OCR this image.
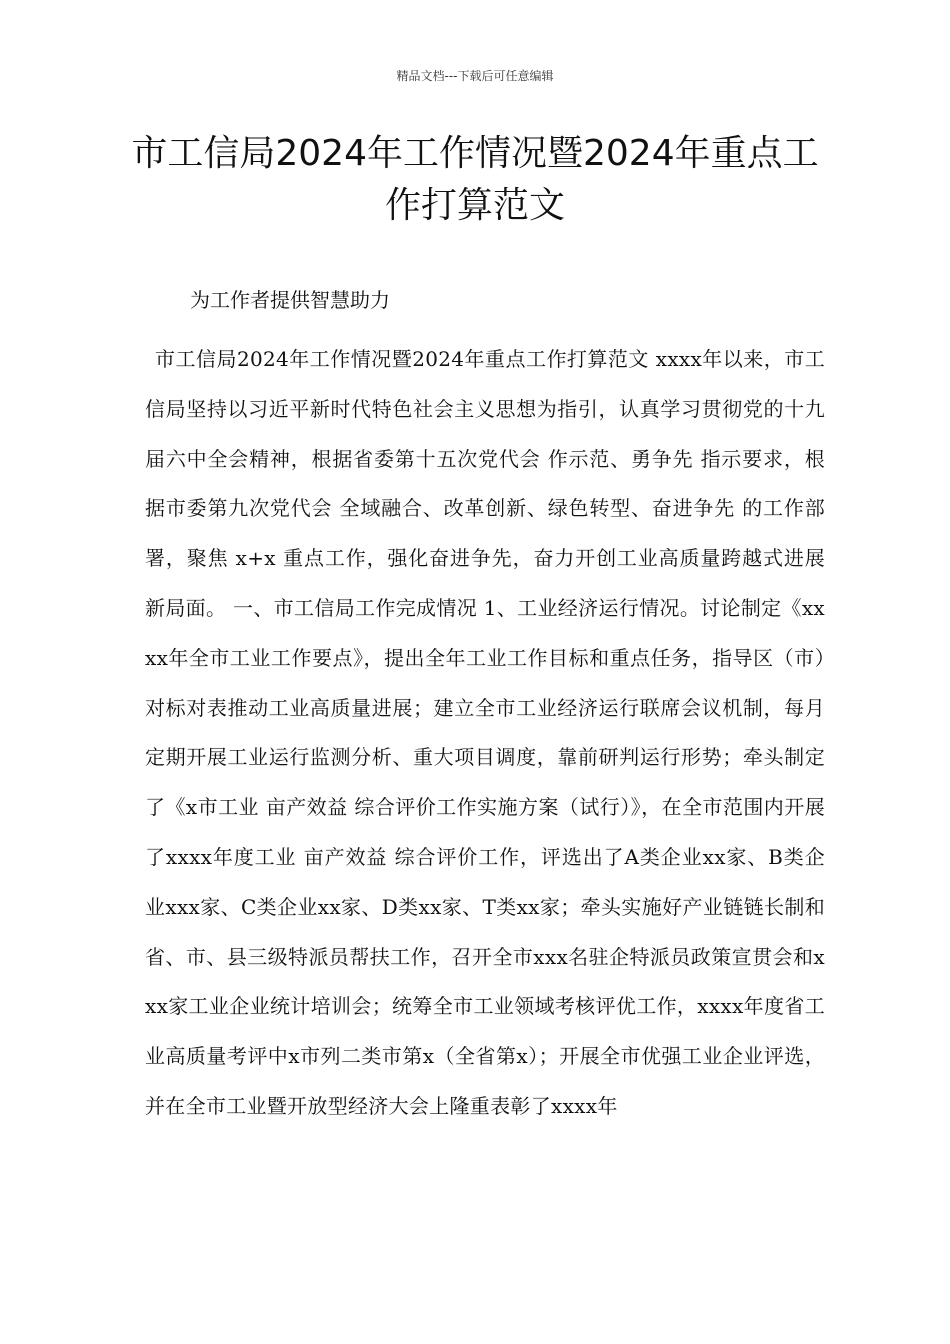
精品文档---下载后可任意编辑
市工信局2024年工作情况暨2024年重点工作打算范文
为工作者提供智慧助力

市工信局2024年工作情况暨2024年重点工作打算范文 xxxx年以来，市工信局坚持以习近平新时代特色社会主义思想为指引，认真学习贯彻党的十九届六中全会精神，根据省委第十五次党代会 作示范、勇争先 指示要求，根据市委第九次党代会 全域融合、改革创新、绿色转型、奋进争先 的工作部署，聚焦 x+x 重点工作，强化奋进争先，奋力开创工业高质量跨越式进展新局面。 一、市工信局工作完成情况 1、工业经济运行情况。讨论制定《xxxx年全市工业工作要点》，提出全年工业工作目标和重点任务，指导区（市）对标对表推动工业高质量进展；建立全市工业经济运行联席会议机制，每月定期开展工业运行监测分析、重大项目调度，靠前研判运行形势；牵头制定了《x市工业 亩产效益 综合评价工作实施方案（试行）》，在全市范围内开展了xxxx年度工业 亩产效益 综合评价工作，评选出了A类企业xx家、B类企业xxx家、C类企业xx家、D类xx家、T类xx家；牵头实施好产业链链长制和省、市、县三级特派员帮扶工作，召开全市xxx名驻企特派员政策宣贯会和xxx家工业企业统计培训会；统筹全市工业领域考核评优工作，xxxx年度省工业高质量考评中x市列二类市第x（全省第x）；开展全市优强工业企业评选，并在全市工业暨开放型经济大会上隆重表彰了xxxx年
